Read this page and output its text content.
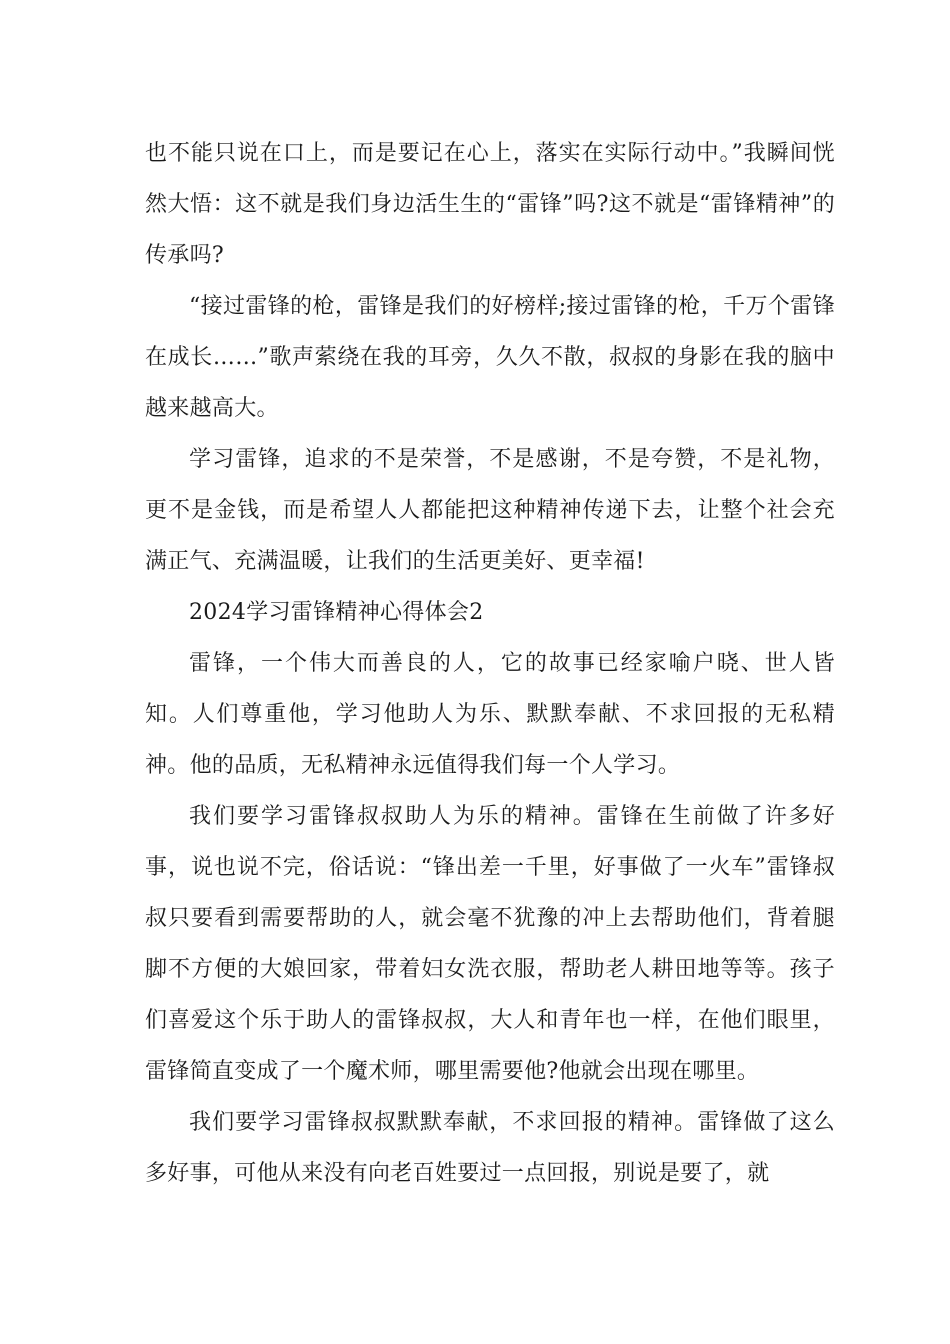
也不能只说在口上，而是要记在心上，落实在实际行动中。”我瞬间恍然大悟：这不就是我们身边活生生的“雷锋”吗?这不就是“雷锋精神”的传承吗?

“接过雷锋的枪，雷锋是我们的好榜样;接过雷锋的枪，千万个雷锋在成长……”歌声萦绕在我的耳旁，久久不散，叔叔的身影在我的脑中越来越高大。

学习雷锋，追求的不是荣誉，不是感谢，不是夸赞，不是礼物，更不是金钱，而是希望人人都能把这种精神传递下去，让整个社会充满正气、充满温暖，让我们的生活更美好、更幸福!

2024学习雷锋精神心得体会2

雷锋，一个伟大而善良的人，它的故事已经家喻户晓、世人皆知。人们尊重他，学习他助人为乐、默默奉献、不求回报的无私精神。他的品质，无私精神永远值得我们每一个人学习。

我们要学习雷锋叔叔助人为乐的精神。雷锋在生前做了许多好事，说也说不完，俗话说：“锋出差一千里，好事做了一火车”雷锋叔叔只要看到需要帮助的人，就会毫不犹豫的冲上去帮助他们，背着腿脚不方便的大娘回家，带着妇女洗衣服，帮助老人耕田地等等。孩子们喜爱这个乐于助人的雷锋叔叔，大人和青年也一样，在他们眼里，雷锋简直变成了一个魔术师，哪里需要他?他就会出现在哪里。

我们要学习雷锋叔叔默默奉献，不求回报的精神。雷锋做了这么多好事，可他从来没有向老百姓要过一点回报，别说是要了，就
